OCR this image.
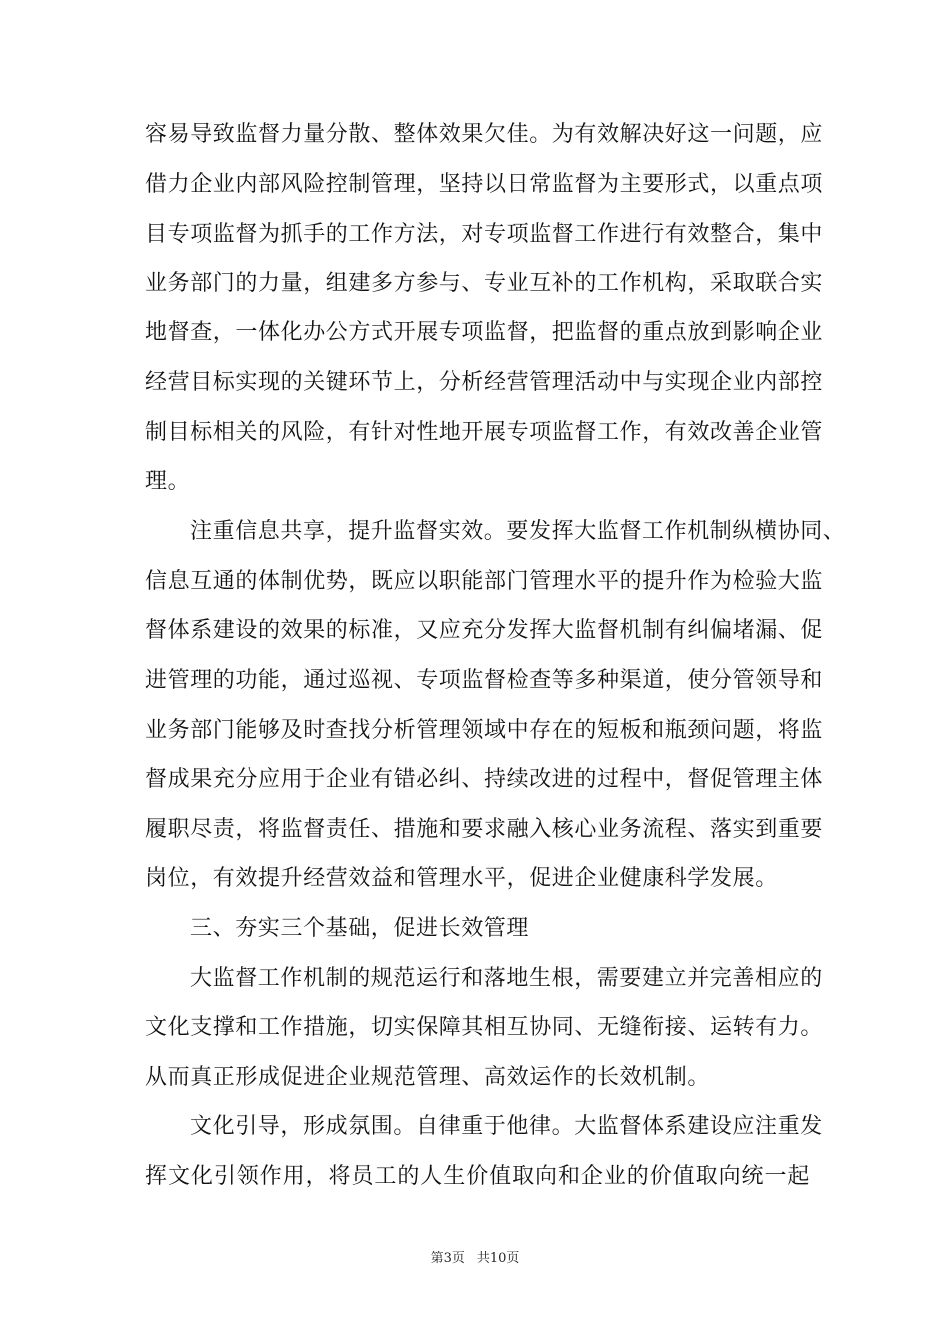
容易导致监督力量分散、整体效果欠佳。为有效解决好这一问题，应
借力企业内部风险控制管理，坚持以日常监督为主要形式，以重点项
目专项监督为抓手的工作方法，对专项监督工作进行有效整合，集中
业务部门的力量，组建多方参与、专业互补的工作机构，采取联合实
地督查，一体化办公方式开展专项监督，把监督的重点放到影响企业
经营目标实现的关键环节上，分析经营管理活动中与实现企业内部控
制目标相关的风险，有针对性地开展专项监督工作，有效改善企业管
理。
注重信息共享，提升监督实效。要发挥大监督工作机制纵横协同、
信息互通的体制优势，既应以职能部门管理水平的提升作为检验大监
督体系建设的效果的标准，又应充分发挥大监督机制有纠偏堵漏、促
进管理的功能，通过巡视、专项监督检查等多种渠道，使分管领导和
业务部门能够及时查找分析管理领域中存在的短板和瓶颈问题，将监
督成果充分应用于企业有错必纠、持续改进的过程中，督促管理主体
履职尽责，将监督责任、措施和要求融入核心业务流程、落实到重要
岗位，有效提升经营效益和管理水平，促进企业健康科学发展。
三、夯实三个基础，促进长效管理
大监督工作机制的规范运行和落地生根，需要建立并完善相应的
文化支撑和工作措施，切实保障其相互协同、无缝衔接、运转有力。
从而真正形成促进企业规范管理、高效运作的长效机制。
文化引导，形成氛围。自律重于他律。大监督体系建设应注重发
挥文化引领作用，将员工的人生价值取向和企业的价值取向统一起
第3页 共10页
